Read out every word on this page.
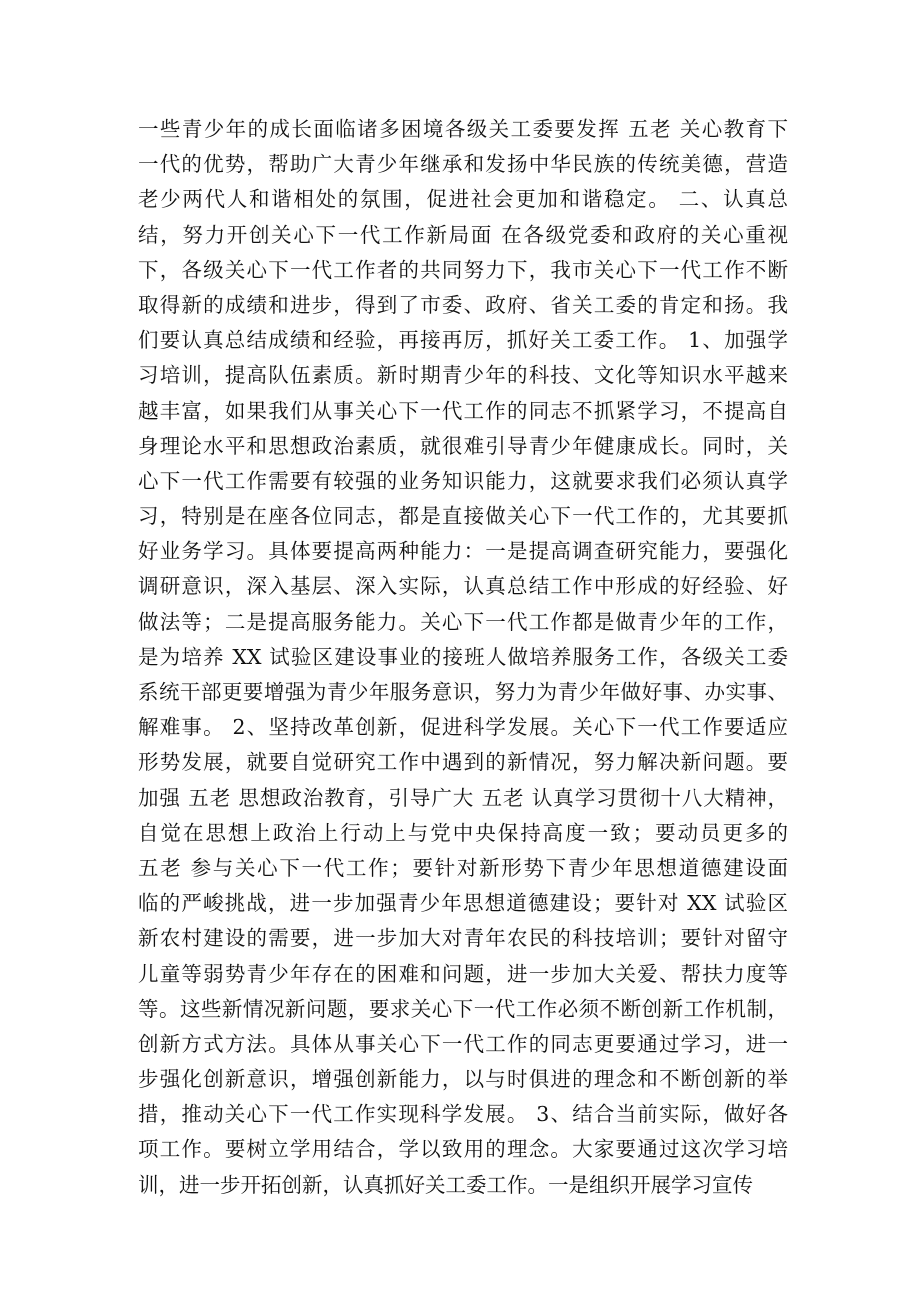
一些青少年的成长面临诸多困境各级关工委要发挥 五老 关心教育下
一代的优势，帮助广大青少年继承和发扬中华民族的传统美德，营造
老少两代人和谐相处的氛围，促进社会更加和谐稳定。 二、认真总
结，努力开创关心下一代工作新局面 在各级党委和政府的关心重视
下，各级关心下一代工作者的共同努力下，我市关心下一代工作不断
取得新的成绩和进步，得到了市委、政府、省关工委的肯定和扬。我
们要认真总结成绩和经验，再接再厉，抓好关工委工作。 1、加强学
习培训，提高队伍素质。新时期青少年的科技、文化等知识水平越来
越丰富，如果我们从事关心下一代工作的同志不抓紧学习，不提高自
身理论水平和思想政治素质，就很难引导青少年健康成长。同时，关
心下一代工作需要有较强的业务知识能力，这就要求我们必须认真学
习，特别是在座各位同志，都是直接做关心下一代工作的，尤其要抓
好业务学习。具体要提高两种能力：一是提高调查研究能力，要强化
调研意识，深入基层、深入实际，认真总结工作中形成的好经验、好
做法等；二是提高服务能力。关心下一代工作都是做青少年的工作，
是为培养 XX 试验区建设事业的接班人做培养服务工作，各级关工委
系统干部更要增强为青少年服务意识，努力为青少年做好事、办实事、
解难事。 2、坚持改革创新，促进科学发展。关心下一代工作要适应
形势发展，就要自觉研究工作中遇到的新情况，努力解决新问题。要
加强 五老 思想政治教育，引导广大 五老 认真学习贯彻十八大精神，
自觉在思想上政治上行动上与党中央保持高度一致；要动员更多的
五老 参与关心下一代工作；要针对新形势下青少年思想道德建设面
临的严峻挑战，进一步加强青少年思想道德建设；要针对 XX 试验区
新农村建设的需要，进一步加大对青年农民的科技培训；要针对留守
儿童等弱势青少年存在的困难和问题，进一步加大关爱、帮扶力度等
等。这些新情况新问题，要求关心下一代工作必须不断创新工作机制，
创新方式方法。具体从事关心下一代工作的同志更要通过学习，进一
步强化创新意识，增强创新能力，以与时俱进的理念和不断创新的举
措，推动关心下一代工作实现科学发展。 3、结合当前实际，做好各
项工作。要树立学用结合，学以致用的理念。大家要通过这次学习培
训，进一步开拓创新，认真抓好关工委工作。一是组织开展学习宣传
